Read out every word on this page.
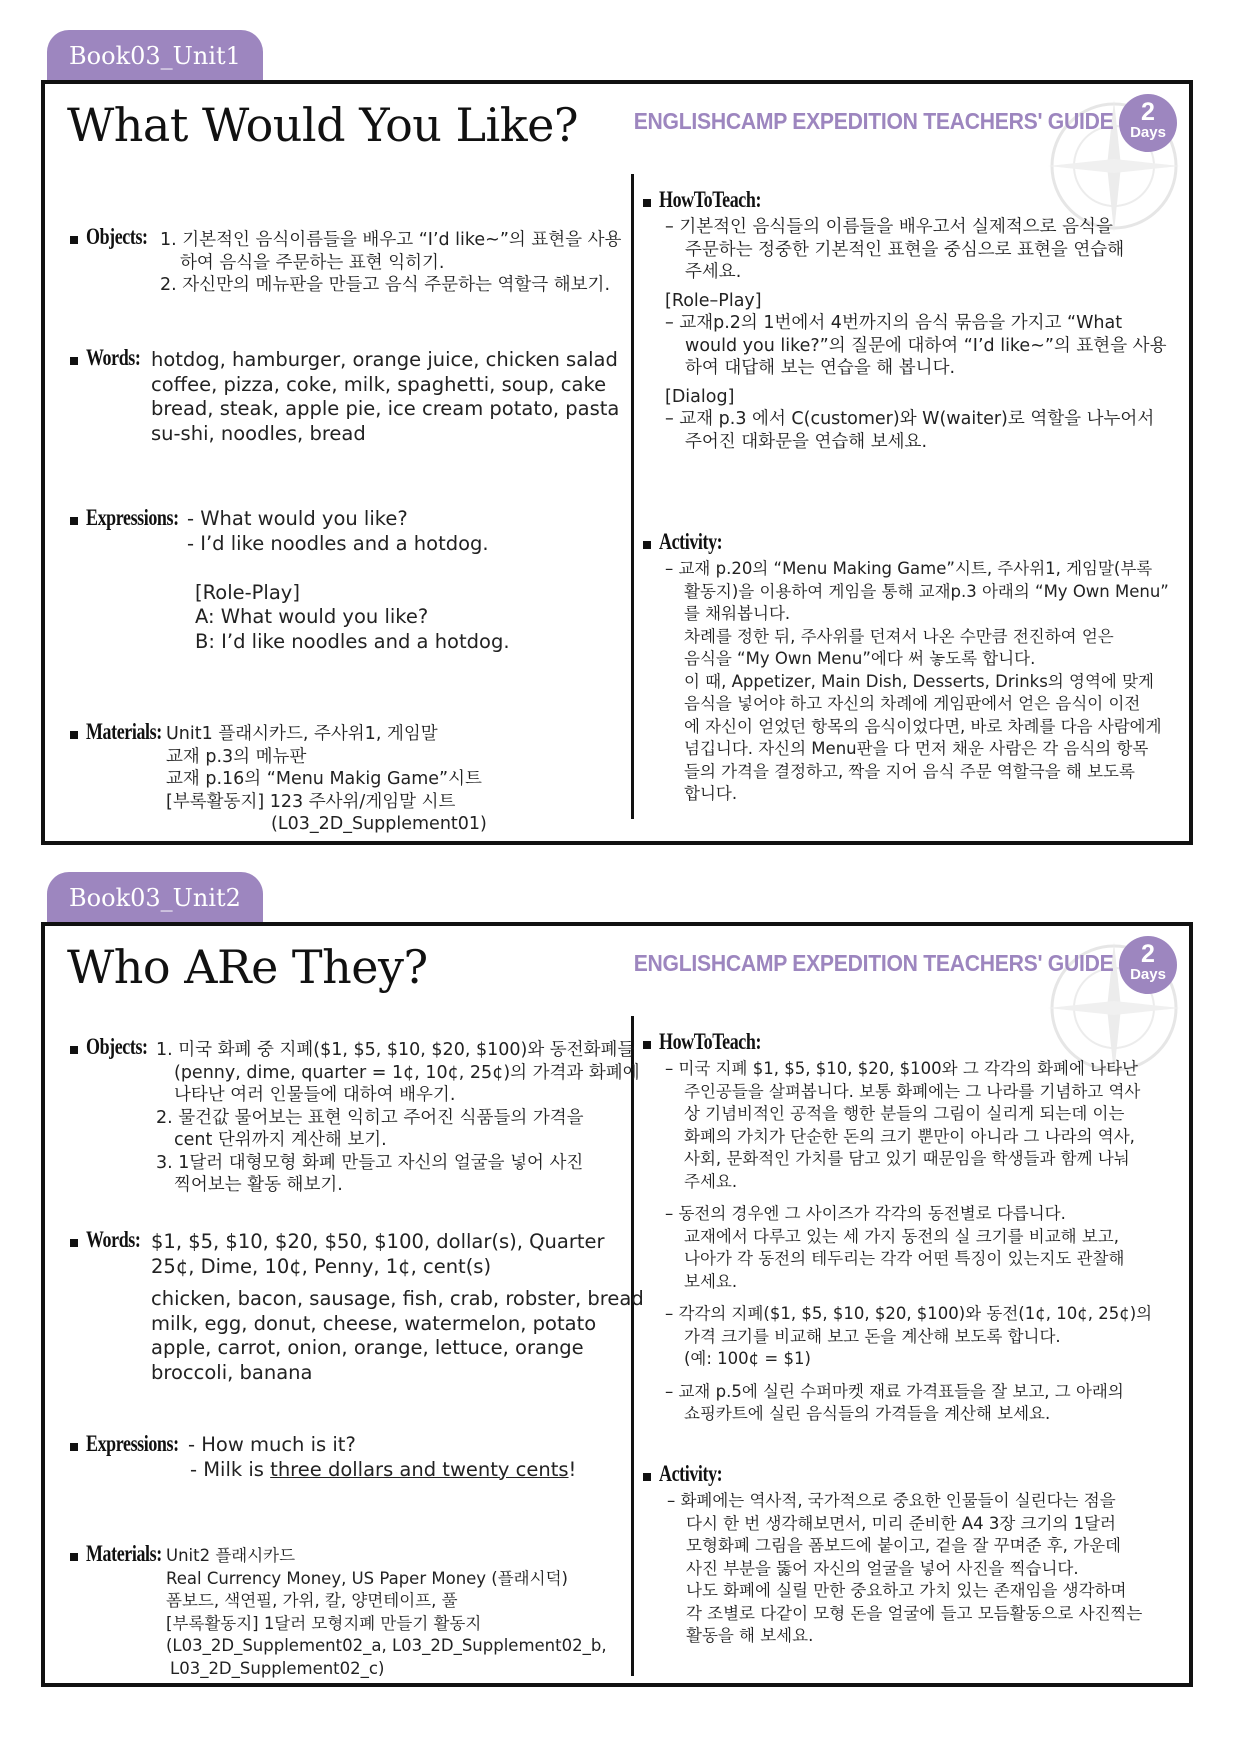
Book03_Unit1
What Would You Like? ENGLISHCAMP EXPEDITION TEACHERS' GUIDE	2
Days
Objects: 1. 기본적인 음식이름들을 배우고 “I’d like~”의 표현을 사용
하여 음식을 주문하는 표현 익히기.
2. 자신만의 메뉴판을 만들고 음식 주문하는 역할극 해보기.
Words: hotdog, hamburger, orange juice, chicken salad
coffee, pizza, coke, milk, spaghetti, soup, cake
bread, steak, apple pie, ice cream potato, pasta
su-shi, noodles, bread
Expressions: - What would you like?
- I’d like noodles and a hotdog.
[Role-Play]
A: What would you like?
B: I’d like noodles and a hotdog.
Materials: Unit1 플래시카드, 주사위1, 게임말
교재 p.3의 메뉴판
교재 p.16의 “Menu Makig Game”시트
[부록활동지] 123 주사위/게임말 시트
(L03_2D_Supplement01)
HowToTeach:
– 기본적인 음식들의 이름들을 배우고서 실제적으로 음식을
주문하는 정중한 기본적인 표현을 중심으로 표현을 연습해
주세요.
[Role–Play]
– 교재p.2의 1번에서 4번까지의 음식 묶음을 가지고 “What
would you like?”의 질문에 대하여 “I’d like~”의 표현을 사용
하여 대답해 보는 연습을 해 봅니다.
[Dialog]
– 교재 p.3 에서 C(customer)와 W(waiter)로 역할을 나누어서
주어진 대화문을 연습해 보세요.
Activity:
– 교재 p.20의 “Menu Making Game”시트, 주사위1, 게임말(부록
활동지)을 이용하여 게임을 통해 교재p.3 아래의 “My Own Menu”
를 채워봅니다.
차례를 정한 뒤, 주사위를 던져서 나온 수만큼 전진하여 얻은
음식을 “My Own Menu”에다 써 놓도록 합니다.
이 때, Appetizer, Main Dish, Desserts, Drinks의 영역에 맞게
음식을 넣어야 하고 자신의 차례에 게임판에서 얻은 음식이 이전
에 자신이 얻었던 항목의 음식이었다면, 바로 차례를 다음 사람에게
넘깁니다. 자신의 Menu판을 다 먼저 채운 사람은 각 음식의 항목
들의 가격을 결정하고, 짝을 지어 음식 주문 역할극을 해 보도록
합니다.
Book03_Unit2
Who ARe They?	ENGLISHCAMP EXPEDITION TEACHERS' GUIDE	2
Days
Objects: 1. 미국 화폐 중 지폐($1, $5, $10, $20, $100)와 동전화폐들
(penny, dime, quarter = 1¢, 10¢, 25¢)의 가격과 화폐에
나타난 여러 인물들에 대하여 배우기.
2. 물건값 물어보는 표현 익히고 주어진 식품들의 가격을
cent 단위까지 계산해 보기.
3. 1달러 대형모형 화폐 만들고 자신의 얼굴을 넣어 사진
찍어보는 활동 해보기.
Words: $1, $5, $10, $20, $50, $100, dollar(s), Quarter
25¢, Dime, 10¢, Penny, 1¢, cent(s)
chicken, bacon, sausage, fish, crab, robster, bread
milk, egg, donut, cheese, watermelon, potato
apple, carrot, onion, orange, lettuce, orange
broccoli, banana
Expressions: - How much is it?
- Milk is three dollars and twenty cents!
Materials: Unit2 플래시카드
Real Currency Money, US Paper Money (플래시덕)
폼보드, 색연필, 가위, 칼, 양면테이프, 풀
[부록활동지] 1달러 모형지폐 만들기 활동지
(L03_2D_Supplement02_a, L03_2D_Supplement02_b,
L03_2D_Supplement02_c)
HowToTeach:
– 미국 지폐 $1, $5, $10, $20, $100와 그 각각의 화폐에 나타난
주인공들을 살펴봅니다. 보통 화폐에는 그 나라를 기념하고 역사
상 기념비적인 공적을 행한 분들의 그림이 실리게 되는데 이는
화폐의 가치가 단순한 돈의 크기 뿐만이 아니라 그 나라의 역사,
사회, 문화적인 가치를 담고 있기 때문임을 학생들과 함께 나눠
주세요.
– 동전의 경우엔 그 사이즈가 각각의 동전별로 다릅니다.
교재에서 다루고 있는 세 가지 동전의 실 크기를 비교해 보고,
나아가 각 동전의 테두리는 각각 어떤 특징이 있는지도 관찰해
보세요.
– 각각의 지폐($1, $5, $10, $20, $100)와 동전(1¢, 10¢, 25¢)의
가격 크기를 비교해 보고 돈을 계산해 보도록 합니다.
(예: 100¢ = $1)
– 교재 p.5에 실린 수퍼마켓 재료 가격표들을 잘 보고, 그 아래의
쇼핑카트에 실린 음식들의 가격들을 계산해 보세요.
Activity:
– 화폐에는 역사적, 국가적으로 중요한 인물들이 실린다는 점을
다시 한 번 생각해보면서, 미리 준비한 A4 3장 크기의 1달러
모형화폐 그림을 폼보드에 붙이고, 겉을 잘 꾸며준 후, 가운데
사진 부분을 뚫어 자신의 얼굴을 넣어 사진을 찍습니다.
나도 화폐에 실릴 만한 중요하고 가치 있는 존재임을 생각하며
각 조별로 다같이 모형 돈을 얼굴에 들고 모듬활동으로 사진찍는
활동을 해 보세요.
